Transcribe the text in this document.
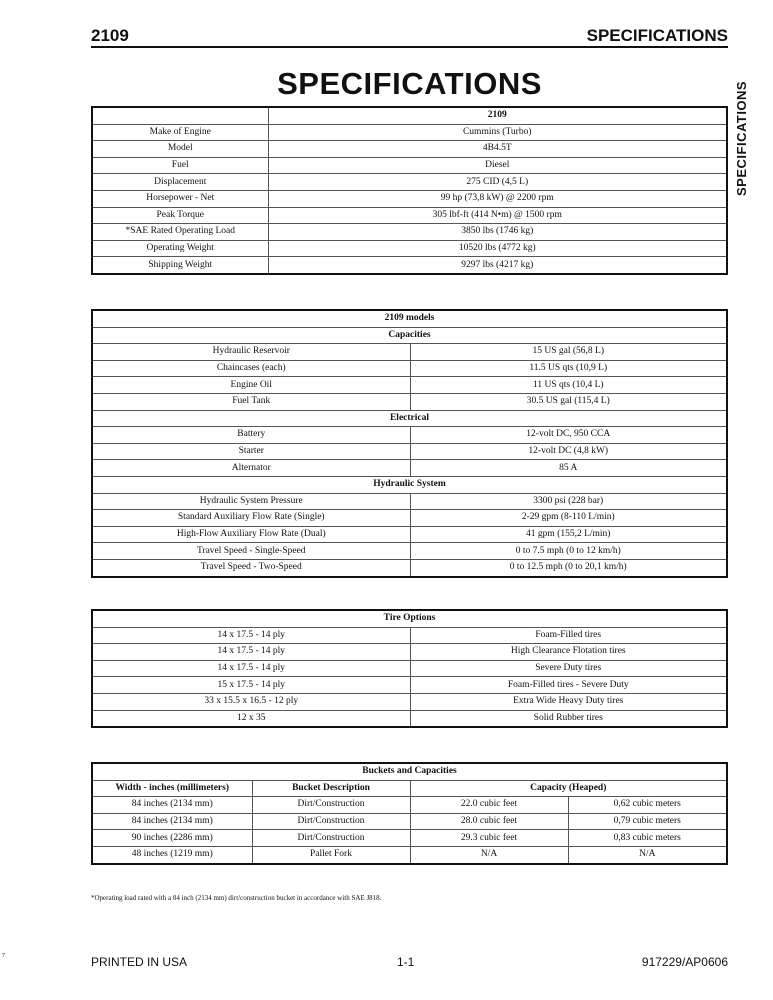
2109	SPECIFICATIONS
SPECIFICATIONS
SPECIFICATIONS
	2109
Make of Engine	Cummins (Turbo)
Model	4B4.5T
Fuel	Diesel
Displacement	275 CID (4,5 L)
Horsepower - Net	99 hp (73,8 kW) @ 2200 rpm
Peak Torque	305 lbf-ft (414 N•m) @ 1500 rpm
*SAE Rated Operating Load	3850 lbs (1746 kg)
Operating Weight	10520 lbs (4772 kg)
Shipping Weight	9297 lbs (4217 kg)
2109 models	
Capacities	
Hydraulic Reservoir	15 US gal (56,8 L)
Chaincases (each)	11.5 US qts (10,9 L)
Engine Oil	11 US qts (10,4 L)
Fuel Tank	30.5 US gal (115,4 L)
Electrical	
Battery	12-volt DC, 950 CCA
Starter	12-volt DC (4,8 kW)
Alternator	85 A
Hydraulic System	
Hydraulic System Pressure	3300 psi (228 bar)
Standard Auxiliary Flow Rate (Single)	2-29 gpm (8-110 L/min)
High-Flow Auxiliary Flow Rate (Dual)	41 gpm (155,2 L/min)
Travel Speed - Single-Speed	0 to 7.5 mph (0 to 12 km/h)
Travel Speed - Two-Speed	0 to 12.5 mph (0 to 20,1 km/h)
Tire Options	
14 x 17.5 - 14 ply	Foam-Filled tires
14 x 17.5 - 14 ply	High Clearance Flotation tires
14 x 17.5 - 14 ply	Severe Duty tires
15 x 17.5 - 14 ply	Foam-Filled tires - Severe Duty
33 x 15.5 x 16.5 - 12 ply	Extra Wide Heavy Duty tires
12 x 35	Solid Rubber tires
Buckets and Capacities			
Width - inches (millimeters)	Bucket Description	Capacity (Heaped)	
84 inches (2134 mm)	Dirt/Construction	22.0 cubic feet	0,62 cubic meters
84 inches (2134 mm)	Dirt/Construction	28.0 cubic feet	0,79 cubic meters
90 inches (2286 mm)	Dirt/Construction	29.3 cubic feet	0,83 cubic meters
48 inches (1219 mm)	Pallet Fork	N/A	N/A
*Operating load rated with a 84 inch (2134 mm) dirt/construction bucket in accordance with SAE J818.
PRINTED IN USA	1-1	917229/AP0606
7
